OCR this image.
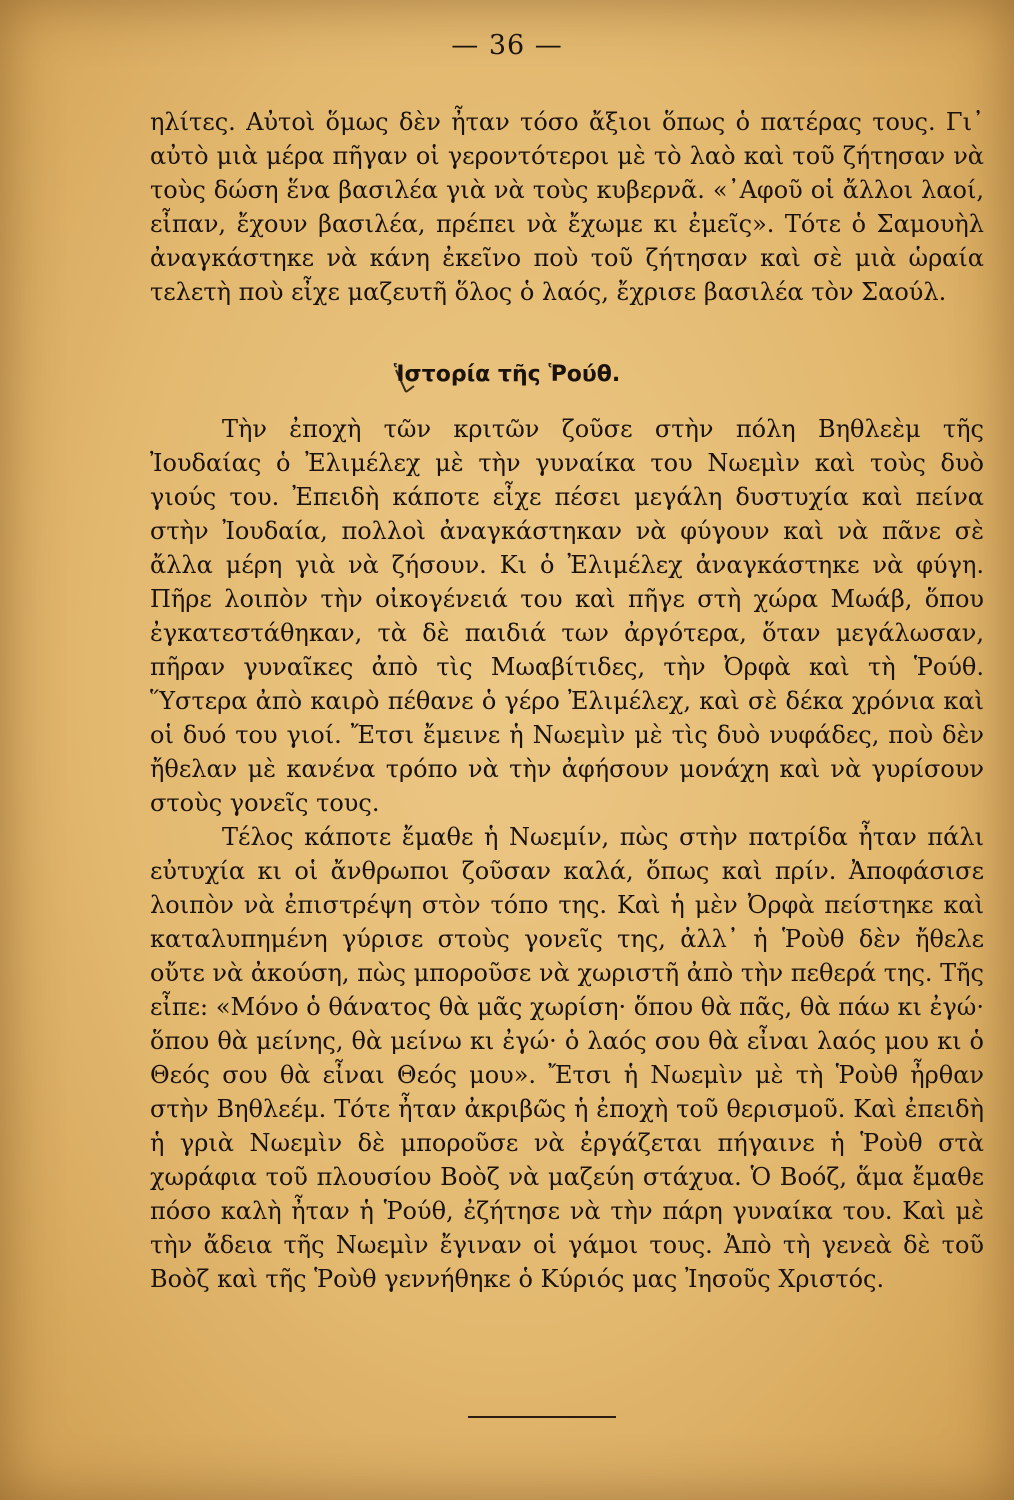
— 36 —

ηλίτες. Αὐτοὶ ὅμως δὲν ἦταν τόσο ἄξιοι ὅπως ὁ πατέρας τους. Γι᾿ αὐτὸ μιὰ μέρα πῆγαν οἱ γεροντότεροι μὲ τὸ λαὸ καὶ τοῦ ζήτησαν νὰ τοὺς δώση ἕνα βασιλέα γιὰ νὰ τοὺς κυβερνᾶ. «᾿Αφοῦ οἱ ἄλλοι λαοί, εἶπαν, ἔχουν βασιλέα, πρέπει νὰ ἔχωμε κι ἐμεῖς». Τότε ὁ Σαμουὴλ ἀναγκάστηκε νὰ κάνη ἐκεῖνο ποὺ τοῦ ζήτησαν καὶ σὲ μιὰ ὡραία τελετὴ ποὺ εἶχε μαζευτῆ ὅλος ὁ λαός, ἔχρισε βασιλέα τὸν Σαούλ.

Ἱστορία τῆς Ῥούθ.

Τὴν ἐποχὴ τῶν κριτῶν ζοῦσε στὴν πόλη Βηθλεὲμ τῆς Ἰουδαίας ὁ Ἐλιμέλεχ μὲ τὴν γυναίκα του Νωεμὶν καὶ τοὺς δυὸ γιούς του. Ἐπειδὴ κάποτε εἶχε πέσει μεγάλη δυστυχία καὶ πείνα στὴν Ἰουδαία, πολλοὶ ἀναγκάστηκαν νὰ φύγουν καὶ νὰ πᾶνε σὲ ἄλλα μέρη γιὰ νὰ ζήσουν. Κι ὁ Ἐλιμέλεχ ἀναγκάστηκε νὰ φύγη. Πῆρε λοιπὸν τὴν οἰκογένειά του καὶ πῆγε στὴ χώρα Μωάβ, ὅπου ἐγκατεστάθηκαν, τὰ δὲ παιδιά των ἀργότερα, ὅταν μεγάλωσαν, πῆραν γυναῖκες ἀπὸ τὶς Μωαβίτιδες, τὴν Ὀρφὰ καὶ τὴ Ῥούθ. Ὕστερα ἀπὸ καιρὸ πέθανε ὁ γέρο Ἐλιμέλεχ, καὶ σὲ δέκα χρόνια καὶ οἱ δυό του γιοί. Ἔτσι ἔμεινε ἡ Νωεμὶν μὲ τὶς δυὸ νυφάδες, ποὺ δὲν ἤθελαν μὲ κανένα τρόπο νὰ τὴν ἀφήσουν μονάχη καὶ νὰ γυρίσουν στοὺς γονεῖς τους.

Τέλος κάποτε ἔμαθε ἡ Νωεμίν, πὼς στὴν πατρίδα ἦταν πάλι εὐτυχία κι οἱ ἄνθρωποι ζοῦσαν καλά, ὅπως καὶ πρίν. Ἀποφάσισε λοιπὸν νὰ ἐπιστρέψη στὸν τόπο της. Καὶ ἡ μὲν Ὀρφὰ πείστηκε καὶ καταλυπημένη γύρισε στοὺς γονεῖς της, ἀλλ᾿ ἡ Ῥοὺθ δὲν ἤθελε οὔτε νὰ ἀκούση, πὼς μποροῦσε νὰ χωριστῆ ἀπὸ τὴν πεθερά της. Τῆς εἶπε: «Μόνο ὁ θάνατος θὰ μᾶς χωρίση· ὅπου θὰ πᾶς, θὰ πάω κι ἐγώ· ὅπου θὰ μείνης, θὰ μείνω κι ἐγώ· ὁ λαός σου θὰ εἶναι λαός μου κι ὁ Θεός σου θὰ εἶναι Θεός μου». Ἔτσι ἡ Νωεμὶν μὲ τὴ Ῥοὺθ ἦρθαν στὴν Βηθλεέμ. Τότε ἦταν ἀκριβῶς ἡ ἐποχὴ τοῦ θερισμοῦ. Καὶ ἐπειδὴ ἡ γριὰ Νωεμὶν δὲ μποροῦσε νὰ ἐργάζεται πήγαινε ἡ Ῥοὺθ στὰ χωράφια τοῦ πλουσίου Βοὸζ νὰ μαζεύη στάχυα. Ὁ Βοόζ, ἅμα ἔμαθε πόσο καλὴ ἦταν ἡ Ῥούθ, ἐζήτησε νὰ τὴν πάρη γυναίκα του. Καὶ μὲ τὴν ἄδεια τῆς Νωεμὶν ἔγιναν οἱ γάμοι τους. Ἀπὸ τὴ γενεὰ δὲ τοῦ Βοὸζ καὶ τῆς Ῥοὺθ γεννήθηκε ὁ Κύριός μας Ἰησοῦς Χριστός.
